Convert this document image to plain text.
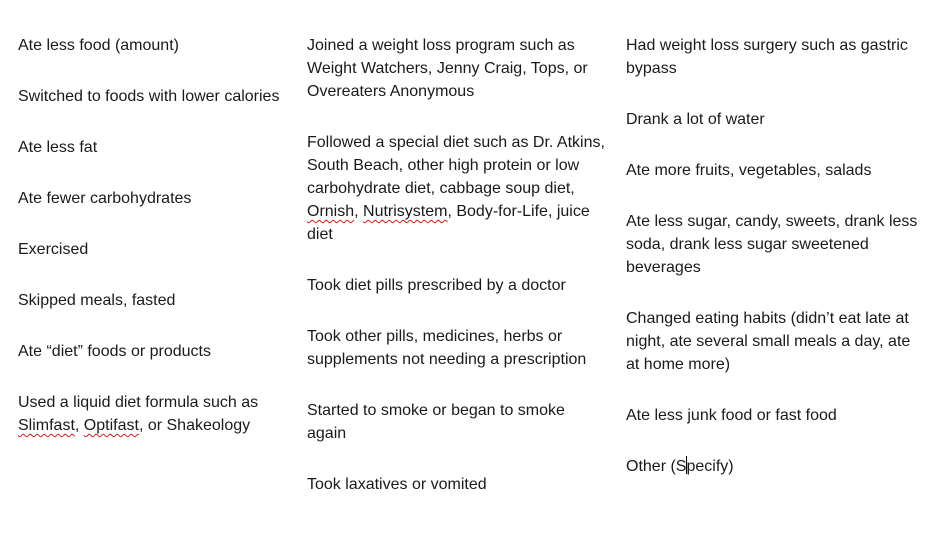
Ate less food (amount)
Switched to foods with lower calories
Ate less fat
Ate fewer carbohydrates
Exercised
Skipped meals, fasted
Ate “diet” foods or products
Used a liquid diet formula such as Slimfast, Optifast, or Shakeology
Joined a weight loss program such as Weight Watchers, Jenny Craig, Tops, or Overeaters Anonymous
Followed a special diet such as Dr. Atkins, South Beach, other high protein or low carbohydrate diet, cabbage soup diet, Ornish, Nutrisystem, Body-for-Life, juice diet
Took diet pills prescribed by a doctor
Took other pills, medicines, herbs or supplements not needing a prescription
Started to smoke or began to smoke again
Took laxatives or vomited
Had weight loss surgery such as gastric bypass
Drank a lot of water
Ate more fruits, vegetables, salads
Ate less sugar, candy, sweets, drank less soda, drank less sugar sweetened beverages
Changed eating habits (didn’t eat late at night, ate several small meals a day, ate at home more)
Ate less junk food or fast food
Other (Specify)
